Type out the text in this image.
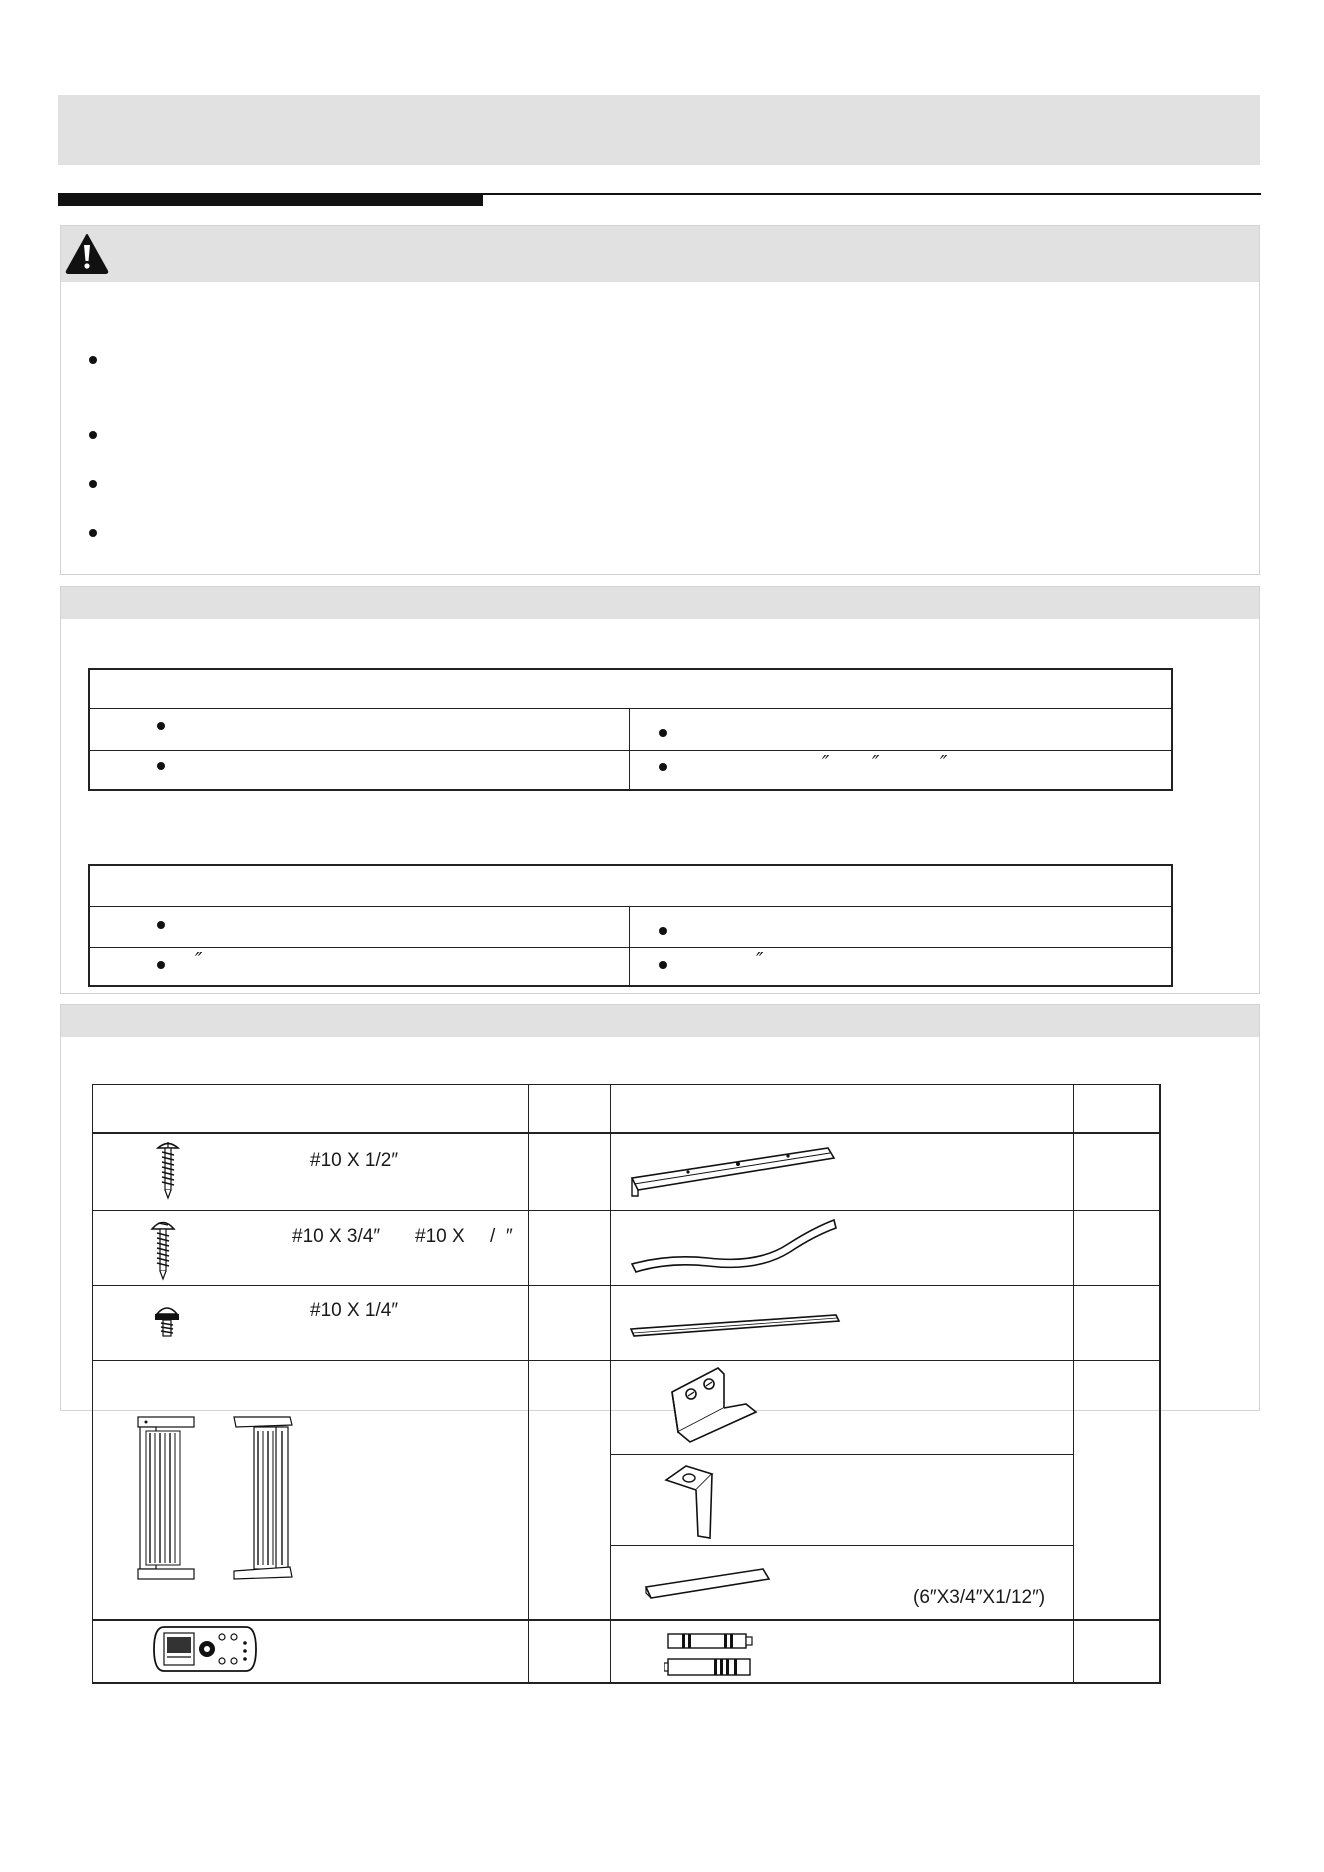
″ ″	″
″	″
#10 X 1/2″
#10 X 3/4″ #10 X / ″
#10 X 1/4″
(6″X3/4″X1/12″)
